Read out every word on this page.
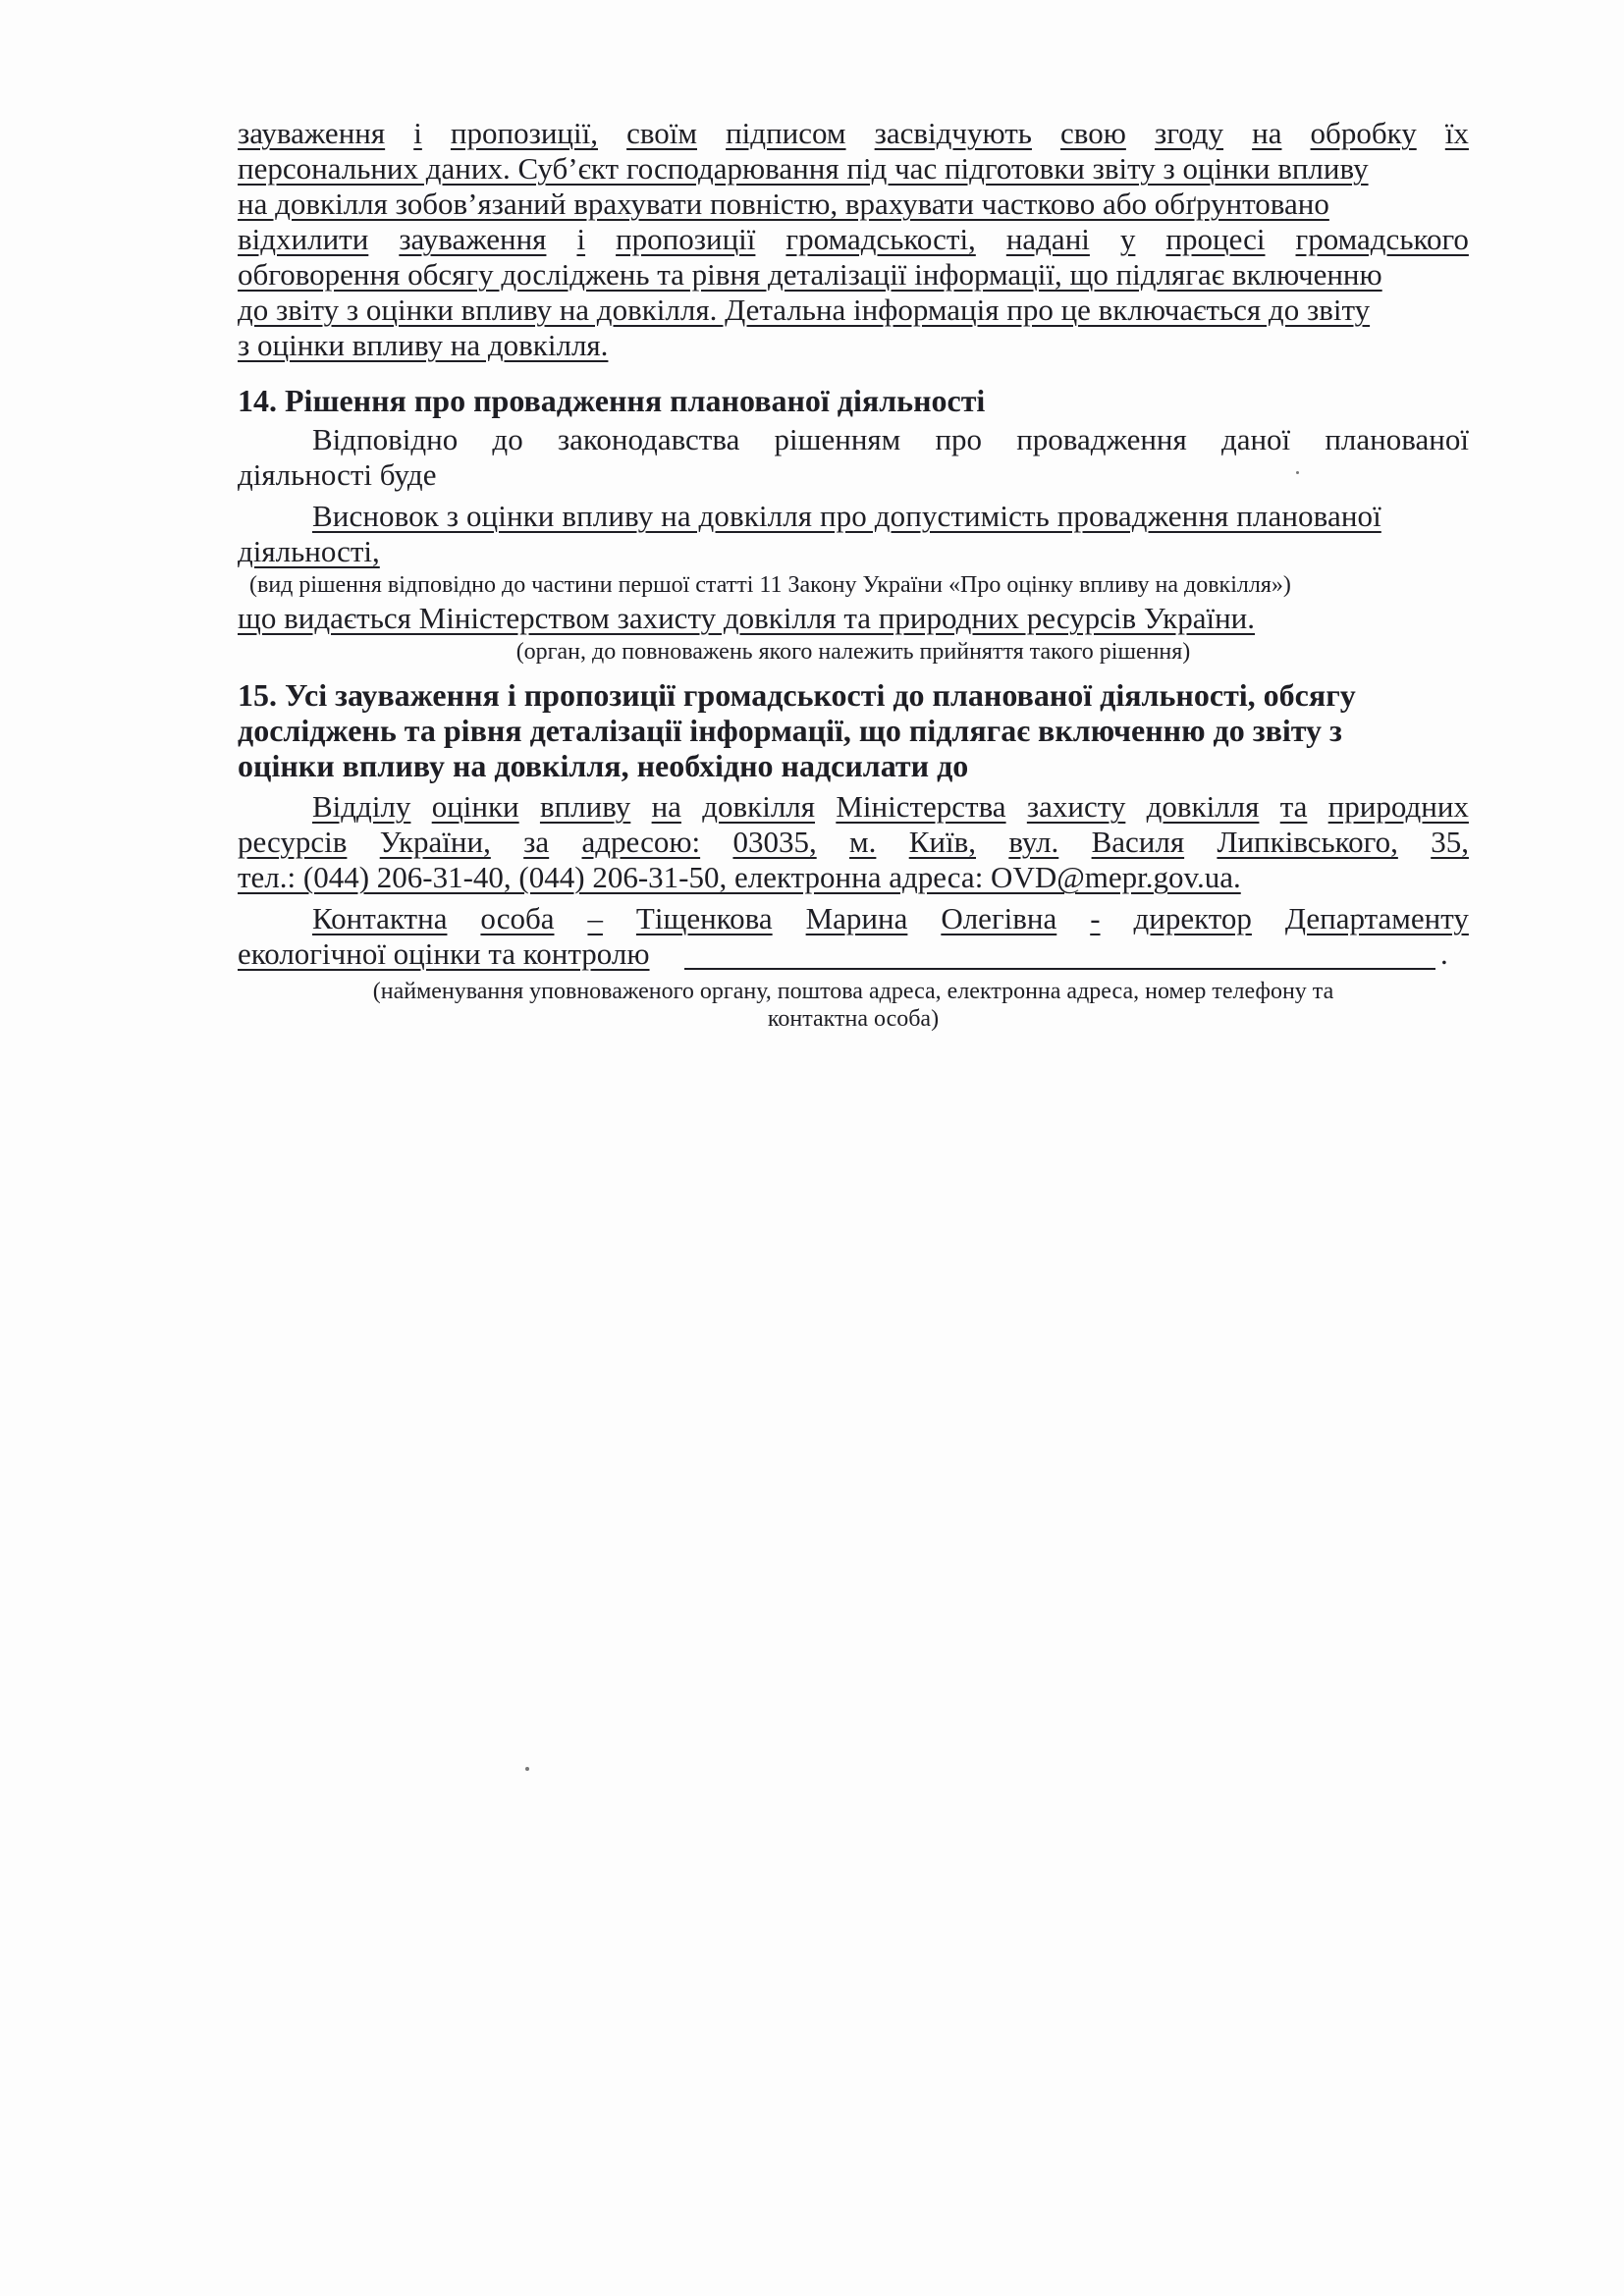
зауваження і пропозиції, своїм підписом засвідчують свою згоду на обробку їх
персональних даних. Суб’єкт господарювання під час підготовки звіту з оцінки впливу
на довкілля зобов’язаний врахувати повністю, врахувати частково або обґрунтовано
відхилити зауваження і пропозиції громадськості, надані у процесі громадського
обговорення обсягу досліджень та рівня деталізації інформації, що підлягає включенню
до звіту з оцінки впливу на довкілля. Детальна інформація про це включається до звіту
з оцінки впливу на довкілля.
14. Рішення про провадження планованої діяльності
Відповідно до законодавства рішенням про провадження даної планованої
діяльності буде
Висновок з оцінки впливу на довкілля про допустимість провадження планованої
діяльності,
(вид рішення відповідно до частини першої статті 11 Закону України «Про оцінку впливу на довкілля»)
що видається Міністерством захисту довкілля та природних ресурсів України.
(орган, до повноважень якого належить прийняття такого рішення)
15. Усі зауваження і пропозиції громадськості до планованої діяльності, обсягу
досліджень та рівня деталізації інформації, що підлягає включенню до звіту з
оцінки впливу на довкілля, необхідно надсилати до
Відділу оцінки впливу на довкілля Міністерства захисту довкілля та природних
ресурсів України, за адресою: 03035, м. Київ, вул. Василя Липківського, 35,
тел.: (044) 206-31-40, (044) 206-31-50, електронна адреса: OVD@mepr.gov.ua.
Контактна особа – Тіщенкова Марина Олегівна - директор Департаменту
екологічної оцінки та контролю	.
(найменування уповноваженого органу, поштова адреса, електронна адреса, номер телефону та
контактна особа)
